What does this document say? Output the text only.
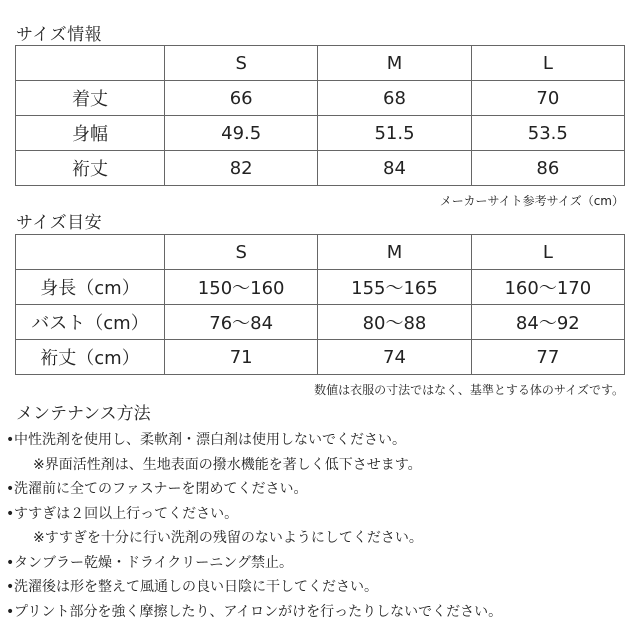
サイズ情報
	S	M	L
着丈	66	68	70
身幅	49.5	51.5	53.5
裄丈	82	84	86
メーカーサイト参考サイズ（cm）
サイズ目安
	S	M	L
身長（cm）	150～160	155～165	160～170
バスト（cm）	76～84	80～88	84～92
裄丈（cm）	71	74	77
数値は衣服の寸法ではなく、基準とする体のサイズです。
メンテナンス方法
• 中性洗剤を使用し、柔軟剤・漂白剤は使用しないでください。
※界面活性剤は、生地表面の撥水機能を著しく低下させます。
• 洗濯前に全てのファスナーを閉めてください。
• すすぎは２回以上行ってください。
※すすぎを十分に行い洗剤の残留のないようにしてください。
• タンブラー乾燥・ドライクリーニング禁止。
• 洗濯後は形を整えて風通しの良い日陰に干してください。
• プリント部分を強く摩擦したり、アイロンがけを行ったりしないでください。
